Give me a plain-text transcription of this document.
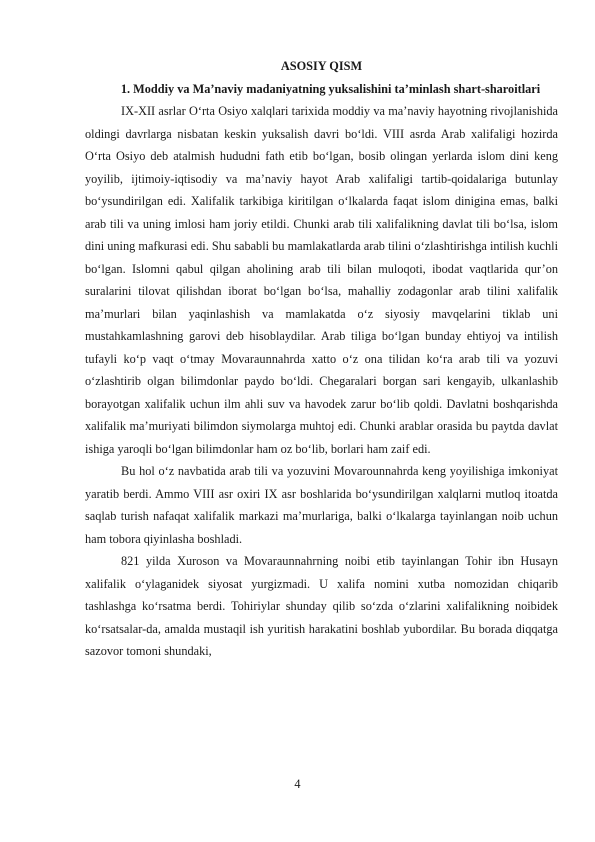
ASOSIY QISM

1. Moddiy va Ma’naviy madaniyatning yuksalishini ta’minlash shart-sharoitlari

IX-XII asrlar O‘rta Osiyo xalqlari tarixida moddiy va ma’naviy hayotning rivojlanishida oldingi davrlarga nisbatan keskin yuksalish davri bo‘ldi. VIII asrda Arab xalifaligi hozirda O‘rta Osiyo deb atalmish hududni fath etib bo‘lgan, bosib olingan yerlarda islom dini keng yoyilib, ijtimoiy-iqtisodiy va ma’naviy hayot Arab xalifaligi tartib-qoidalariga butunlay bo‘ysundirilgan edi. Xalifalik tarkibiga kiritilgan o‘lkalarda faqat islom diniginа emas, balki arab tili va uning imlosi ham joriy etildi. Chunki arab tili xalifalikning davlat tili bo‘lsa, islom dini uning mafkurasi edi. Shu sababli bu mamlakatlarda arab tilini o‘zlashtirishga intilish kuchli bo‘lgan. Islomni qabul qilgan aholining arab tili bilan muloqoti, ibodat vaqtlarida qur’on suralarini tilovat qilishdan iborat bo‘lgan bo‘lsa, mahalliy zodagonlar arab tilini xalifalik ma’murlari bilan yaqinlashish va mamlakatda o‘z siyosiy mavqelarini tiklab uni mustahkamlashning garovi deb hisoblaydilar. Arab tiliga bo‘lgan bunday ehtiyoj va intilish tufayli ko‘p vaqt o‘tmay Movaraunnahrda xatto o‘z ona tilidan ko‘ra arab tili va yozuvi o‘zlashtirib olgan bilimdonlar paydo bo‘ldi. Chegaralari borgan sari kengayib, ulkanlashib borayotgan xalifalik uchun ilm ahli suv va havodek zarur bo‘lib qoldi. Davlatni boshqarishda xalifalik ma’muriyati bilimdon siymolarga muhtoj edi. Chunki arablar orasida bu paytda davlat ishiga yaroqli bo‘lgan bilimdonlar ham oz bo‘lib, borlari ham zaif edi.

Bu hol o‘z navbatida arab tili va yozuvini Movarounnahrda keng yoyilishiga imkoniyat yaratib berdi. Ammo VIII asr oxiri IX asr boshlarida bo‘ysundirilgan xalqlarni mutloq itoatda saqlab turish nafaqat xalifalik markazi ma’murlariga, balki o‘lkalarga tayinlangan noib uchun ham tobora qiyinlasha boshladi.

821 yilda Xuroson va Movaraunnahrning noibi etib tayinlangan Tohir ibn Husayn xalifalik o‘ylaganidek siyosat yurgizmadi. U xalifa nomini xutba nomozidan chiqarib tashlashga ko‘rsatma berdi. Tohiriylar shunday qilib so‘zda o‘zlarini xalifalikning noibidek ko‘rsatsalar-da, amalda mustaqil ish yuritish harakatini boshlab yubordilar. Bu borada diqqatga sazovor tomoni shundaki,

4
